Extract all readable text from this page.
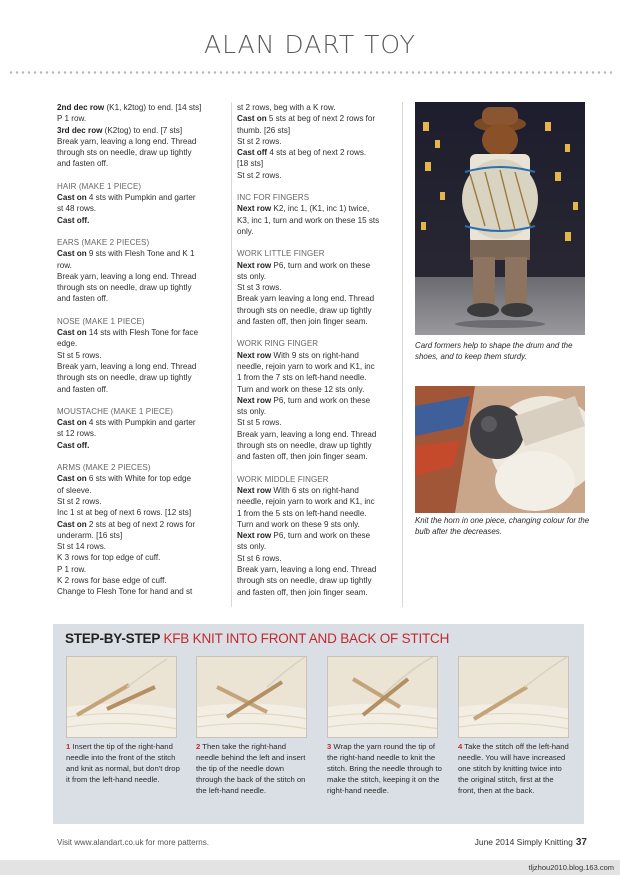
ALAN DART TOY
2nd dec row (K1, k2tog) to end. [14 sts]
P 1 row.
3rd dec row (K2tog) to end. [7 sts]
Break yarn, leaving a long end. Thread
through sts on needle, draw up tightly
and fasten off.
HAIR (MAKE 1 PIECE)
Cast on 4 sts with Pumpkin and garter
st 48 rows.
Cast off.
EARS (MAKE 2 PIECES)
Cast on 9 sts with Flesh Tone and K 1
row.
Break yarn, leaving a long end. Thread
through sts on needle, draw up tightly
and fasten off.
NOSE (MAKE 1 PIECE)
Cast on 14 sts with Flesh Tone for face
edge.
St st 5 rows.
Break yarn, leaving a long end. Thread
through sts on needle, draw up tightly
and fasten off.
MOUSTACHE (MAKE 1 PIECE)
Cast on 4 sts with Pumpkin and garter
st 12 rows.
Cast off.
ARMS (MAKE 2 PIECES)
Cast on 6 sts with White for top edge
of sleeve.
St st 2 rows.
Inc 1 st at beg of next 6 rows. [12 sts]
Cast on 2 sts at beg of next 2 rows for
underarm. [16 sts]
St st 14 rows.
K 3 rows for top edge of cuff.
P 1 row.
K 2 rows for base edge of cuff.
Change to Flesh Tone for hand and st
st 2 rows, beg with a K row.
Cast on 5 sts at beg of next 2 rows for
thumb. [26 sts]
St st 2 rows.
Cast off 4 sts at beg of next 2 rows.
[18 sts]
St st 2 rows.
INC FOR FINGERS
Next row K2, inc 1, (K1, inc 1) twice,
K3, inc 1, turn and work on these 15 sts
only.
WORK LITTLE FINGER
Next row P6, turn and work on these
sts only.
St st 3 rows.
Break yarn leaving a long end. Thread
through sts on needle, draw up tightly
and fasten off, then join finger seam.
WORK RING FINGER
Next row With 9 sts on right-hand
needle, rejoin yarn to work and K1, inc
1 from the 7 sts on left-hand needle.
Turn and work on these 12 sts only.
Next row P6, turn and work on these
sts only.
St st 5 rows.
Break yarn, leaving a long end. Thread
through sts on needle, draw up tightly
and fasten off, then join finger seam.
WORK MIDDLE FINGER
Next row With 6 sts on right-hand
needle, rejoin yarn to work and K1, inc
1 from the 5 sts on left-hand needle.
Turn and work on these 9 sts only.
Next row P6, turn and work on these
sts only.
St st 6 rows.
Break yarn, leaving a long end. Thread
through sts on needle, draw up tightly
and fasten off, then join finger seam.
Card formers help to shape the drum and the shoes, and to keep them sturdy.
Knit the horn in one piece, changing colour for the bulb after the decreases.
STEP-BY-STEP KFB KNIT INTO FRONT AND BACK OF STITCH
1 Insert the tip of the right-hand needle into the front of the stitch and knit as normal, but don't drop it from the left-hand needle.
2 Then take the right-hand needle behind the left and insert the tip of the needle down through the back of the stitch on the left-hand needle.
3 Wrap the yarn round the tip of the right-hand needle to knit the stitch. Bring the needle through to make the stitch, keeping it on the right-hand needle.
4 Take the stitch off the left-hand needle. You will have increased one stitch by knitting twice into the original stitch, first at the front, then at the back.
Visit www.alandart.co.uk for more patterns.	June 2014 Simply Knitting 37
tljzhou2010.blog.163.com
